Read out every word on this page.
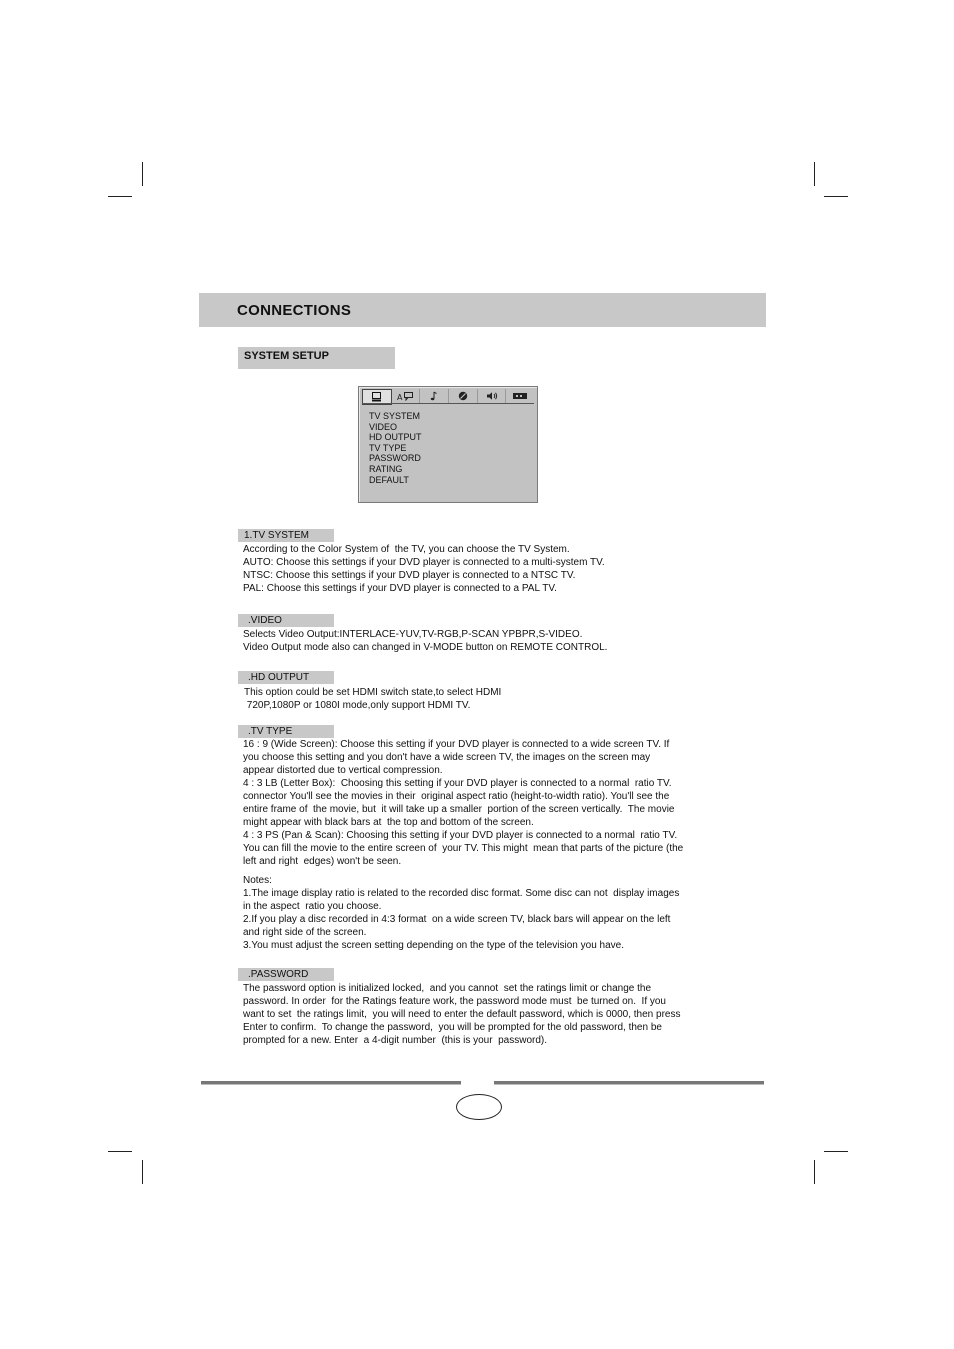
CONNECTIONS
SYSTEM SETUP
A
TV SYSTEM
VIDEO
HD OUTPUT
TV TYPE
PASSWORD
RATING
DEFAULT
1.TV SYSTEM
According to the Color System of  the TV, you can choose the TV System.
AUTO: Choose this settings if your DVD player is connected to a multi-system TV.
NTSC: Choose this settings if your DVD player is connected to a NTSC TV.
PAL: Choose this settings if your DVD player is connected to a PAL TV.
.VIDEO
Selects Video Output:INTERLACE-YUV,TV-RGB,P-SCAN YPBPR,S-VIDEO.
Video Output mode also can changed in V-MODE button on REMOTE CONTROL.
.HD OUTPUT
This option could be set HDMI switch state,to select HDMI
720P,1080P or 1080I mode,only support HDMI TV.
.TV TYPE
16 : 9 (Wide Screen): Choose this setting if your DVD player is connected to a wide screen TV. If
you choose this setting and you don't have a wide screen TV, the images on the screen may
appear distorted due to vertical compression.
4 : 3 LB (Letter Box):  Choosing this setting if your DVD player is connected to a normal  ratio TV.
connector You'll see the movies in their  original aspect ratio (height-to-width ratio). You'll see the
entire frame of  the movie, but  it will take up a smaller  portion of the screen vertically.  The movie
might appear with black bars at  the top and bottom of the screen.
4 : 3 PS (Pan & Scan): Choosing this setting if your DVD player is connected to a normal  ratio TV.
You can fill the movie to the entire screen of  your TV. This might  mean that parts of the picture (the
left and right  edges) won't be seen.
Notes:
1.The image display ratio is related to the recorded disc format. Some disc can not  display images
in the aspect  ratio you choose.
2.If you play a disc recorded in 4:3 format  on a wide screen TV, black bars will appear on the left
and right side of the screen.
3.You must adjust the screen setting depending on the type of the television you have.
.PASSWORD
The password option is initialized locked,  and you cannot  set the ratings limit or change the
password. In order  for the Ratings feature work, the password mode must  be turned on.  If you
want to set  the ratings limit,  you will need to enter the default password, which is 0000, then press
Enter to confirm.  To change the password,  you will be prompted for the old password, then be
prompted for a new. Enter  a 4-digit number  (this is your  password).
